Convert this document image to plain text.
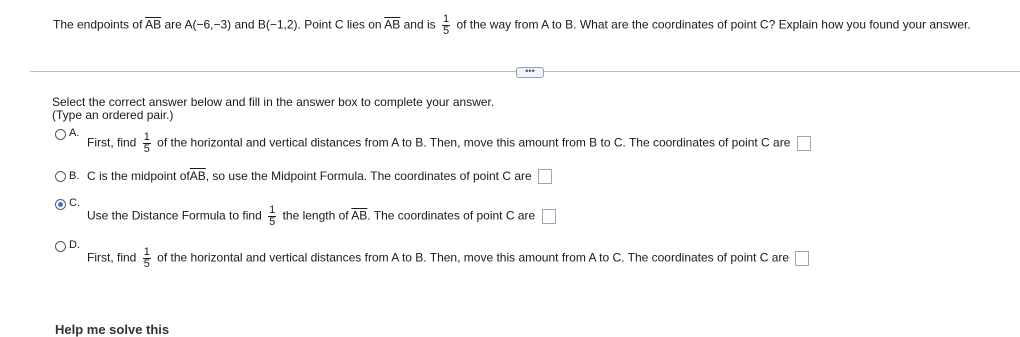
The endpoints of $\overline{AB}$ are A(−6,−3) and B(−1,2). Point C lies on $\overline{AB}$ and is $\frac{1}{5}$ of the way from A to B. What are the coordinates of point C? Explain how you found your answer.
•••
Select the correct answer below and fill in the answer box to complete your answer.
(Type an ordered pair.)
A.
First, find $\frac{1}{5}$ of the horizontal and vertical distances from A to B. Then, move this amount from B to C. The coordinates of point C are
B. C is the midpoint $of\overline{AB}$, so use the Midpoint Formula. The coordinates of point C are
C.
Use the Distance Formula to find $\frac{1}{5}$ the length of $\overline{AB}$. The coordinates of point C are
D.
First, find $\frac{1}{5}$ of the horizontal and vertical distances from A to B. Then, move this amount from A to C. The coordinates of point C are
Help me solve this
